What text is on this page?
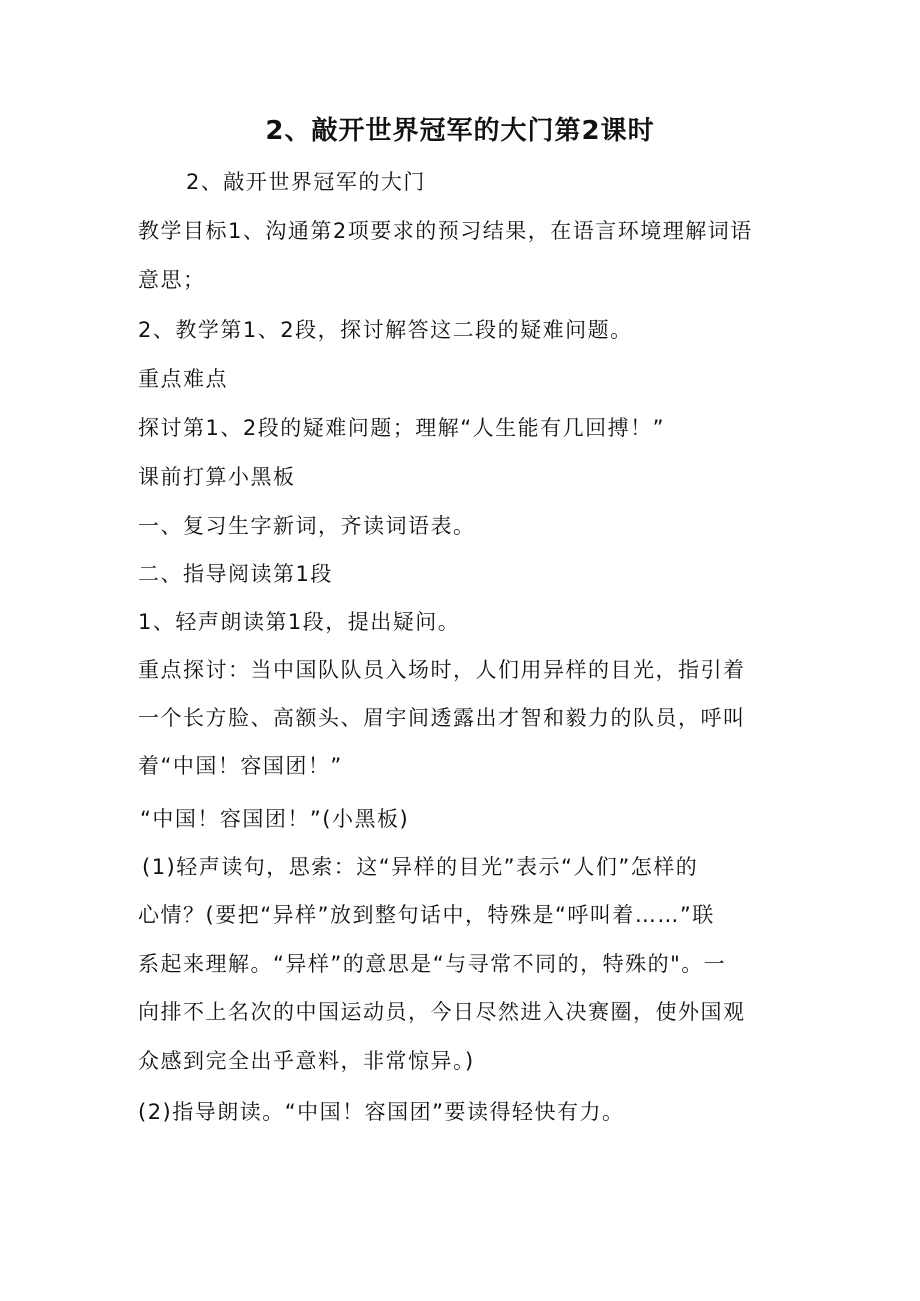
2、敲开世界冠军的大门第2课时
2、敲开世界冠军的大门
教学目标1、沟通第2项要求的预习结果，在语言环境理解词语
意思；
2、教学第1、2段，探讨解答这二段的疑难问题。
重点难点
探讨第1、2段的疑难问题；理解“人生能有几回搏！”
课前打算小黑板
一、复习生字新词，齐读词语表。
二、指导阅读第1段
1、轻声朗读第1段，提出疑问。
重点探讨：当中国队队员入场时，人们用异样的目光，指引着
一个长方脸、高额头、眉宇间透露出才智和毅力的队员，呼叫
着“中国！容国团！”
“中国！容国团！”(小黑板)
(1)轻声读句，思索：这“异样的目光”表示“人们”怎样的
心情？(要把“异样”放到整句话中，特殊是“呼叫着……”联
系起来理解。“异样”的意思是“与寻常不同的，特殊的"。一
向排不上名次的中国运动员，今日尽然进入决赛圈，使外国观
众感到完全出乎意料，非常惊异。)
(2)指导朗读。“中国！容国团”要读得轻快有力。
